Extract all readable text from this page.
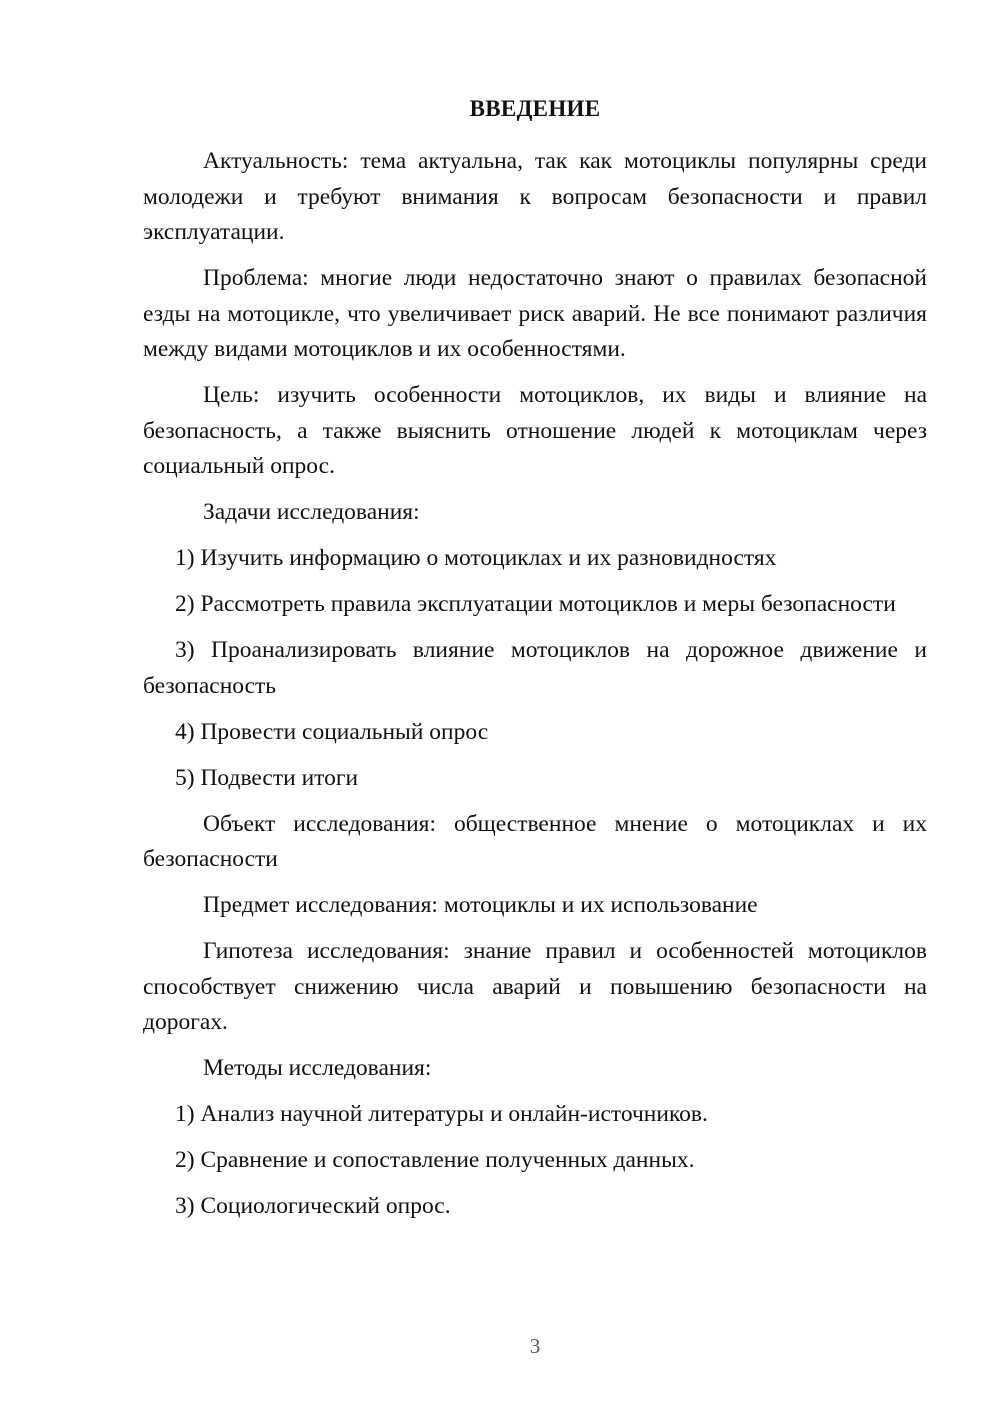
ВВЕДЕНИЕ

Актуальность: тема актуальна, так как мотоциклы популярны среди молодежи и требуют внимания к вопросам безопасности и правил эксплуатации.

Проблема: многие люди недостаточно знают о правилах безопасной езды на мотоцикле, что увеличивает риск аварий. Не все понимают различия между видами мотоциклов и их особенностями.

Цель: изучить особенности мотоциклов, их виды и влияние на безопасность, а также выяснить отношение людей к мотоциклам через социальный опрос.

Задачи исследования:

1) Изучить информацию о мотоциклах и их разновидностях

2) Рассмотреть правила эксплуатации мотоциклов и меры безопасности

3) Проанализировать влияние мотоциклов на дорожное движение и безопасность

4) Провести социальный опрос

5) Подвести итоги

Объект исследования: общественное мнение о мотоциклах и их безопасности

Предмет исследования: мотоциклы и их использование

Гипотеза исследования: знание правил и особенностей мотоциклов способствует снижению числа аварий и повышению безопасности на дорогах.

Методы исследования:

1) Анализ научной литературы и онлайн-источников.

2) Сравнение и сопоставление полученных данных.

3) Социологический опрос.

3
